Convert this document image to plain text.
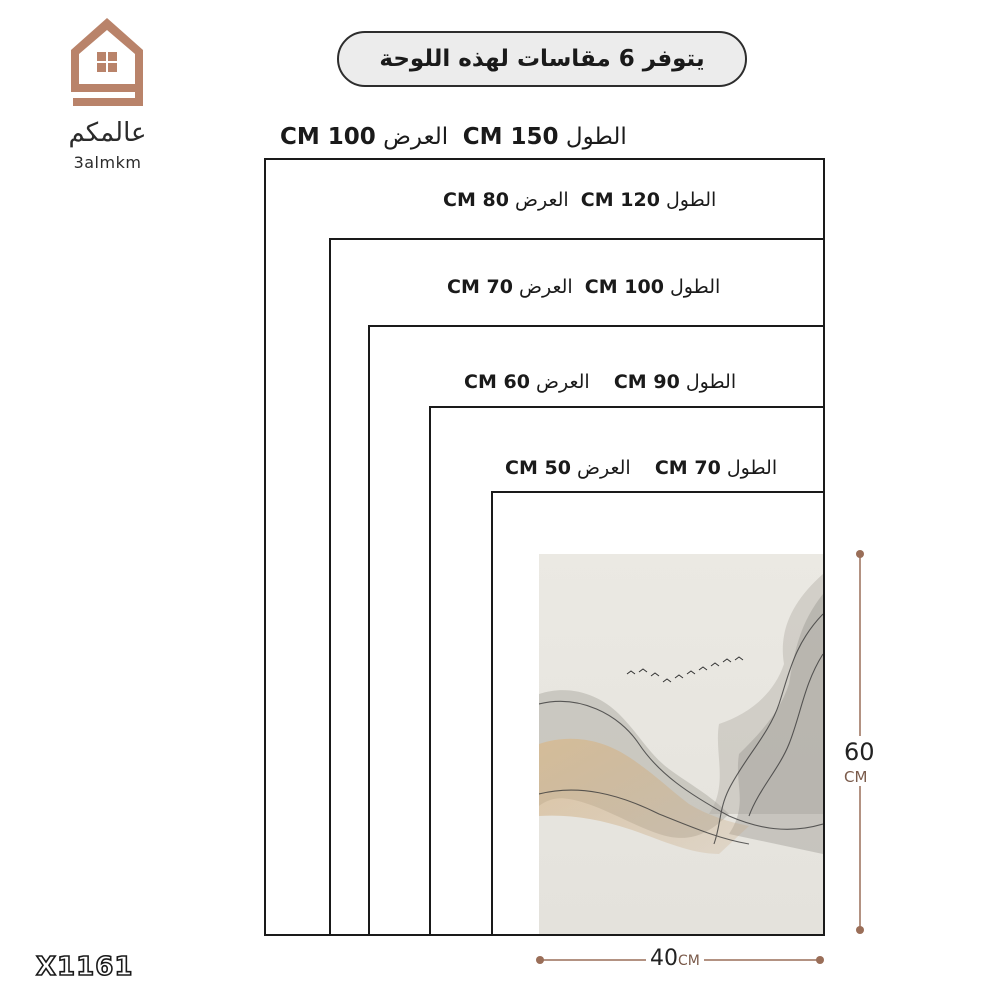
عالمكم
3almkm
يتوفر 6 مقاسات لهذه اللوحة
الطول 150 CM  العرض 100 CM
الطول 120 CM  العرض 80 CM
الطول 100 CM  العرض 70 CM
الطول 90 CM    العرض 60 CM
الطول 70 CM    العرض 50 CM
60
CM
40CM
X1161
